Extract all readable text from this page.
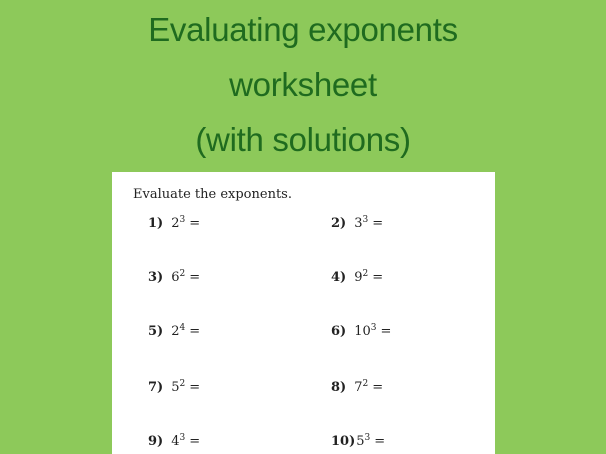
Evaluating exponents
worksheet
(with solutions)
Evaluate the exponents.
1) $2^3$ =	2) $3^3$ =
3) $6^2$ =	4) $9^2$ =
5) $2^4$ =	6) $10^3$ =
7) $5^2$ =	8) $7^2$ =
9) $4^3$ =	$10)5^3$ =
